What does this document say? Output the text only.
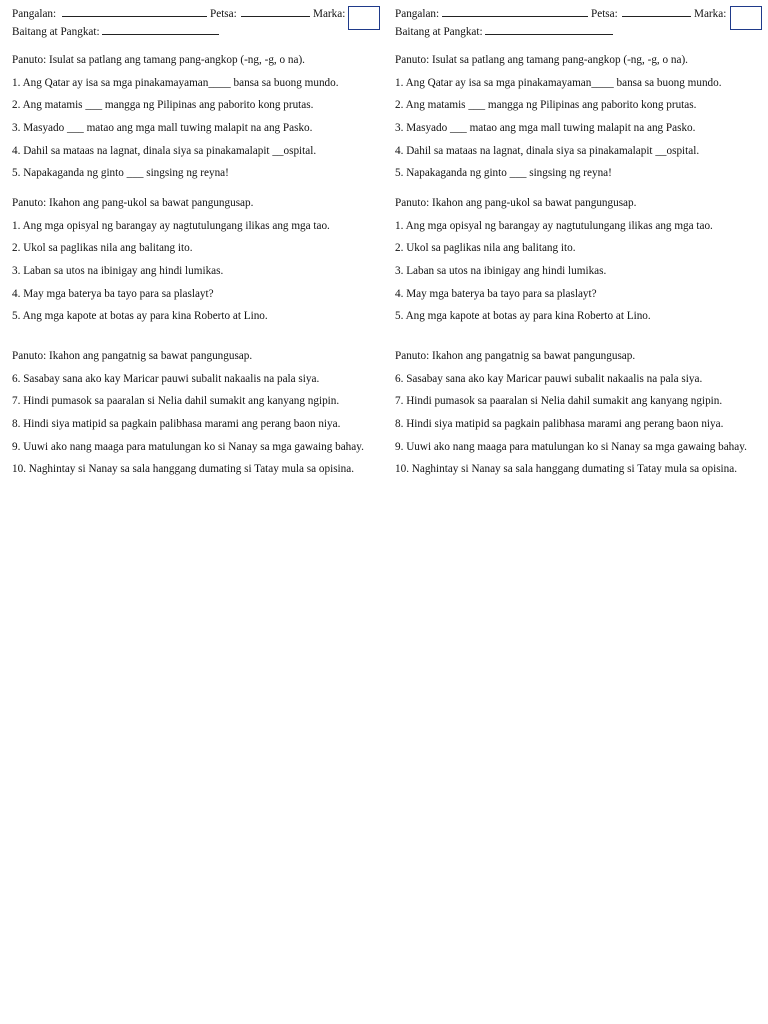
Pangalan:	Petsa:	Marka:
Baitang at Pangkat:

Panuto: Isulat sa patlang ang tamang pang-angkop (-ng, -g, o na).

1. Ang Qatar ay isa sa mga pinakamayaman____ bansa sa buong mundo.

2. Ang matamis ___ mangga ng Pilipinas ang paborito kong prutas.

3. Masyado ___ matao ang mga mall tuwing malapit na ang Pasko.

4. Dahil sa mataas na lagnat, dinala siya sa pinakamalapit __ospital.

5. Napakaganda ng ginto ___ singsing ng reyna!

Panuto: Ikahon ang pang-ukol sa bawat pangungusap.

1. Ang mga opisyal ng barangay ay nagtutulungang ilikas ang mga tao.

2. Ukol sa paglikas nila ang balitang ito.

3. Laban sa utos na ibinigay ang hindi lumikas.

4. May mga baterya ba tayo para sa plaslayt?

5. Ang mga kapote at botas ay para kina Roberto at Lino.

Panuto: Ikahon ang pangatnig sa bawat pangungusap.

6. Sasabay sana ako kay Maricar pauwi subalit nakaalis na pala siya.

7. Hindi pumasok sa paaralan si Nelia dahil sumakit ang kanyang ngipin.

8. Hindi siya matipid sa pagkain palibhasa marami ang perang baon niya.

9. Uuwi ako nang maaga para matulungan ko si Nanay sa mga gawaing bahay.

10. Naghintay si Nanay sa sala hanggang dumating si Tatay mula sa opisina.

Pangalan:	Petsa:	Marka:
Baitang at Pangkat:

Panuto: Isulat sa patlang ang tamang pang-angkop (-ng, -g, o na).

1. Ang Qatar ay isa sa mga pinakamayaman____ bansa sa buong mundo.

2. Ang matamis ___ mangga ng Pilipinas ang paborito kong prutas.

3. Masyado ___ matao ang mga mall tuwing malapit na ang Pasko.

4. Dahil sa mataas na lagnat, dinala siya sa pinakamalapit __ospital.

5. Napakaganda ng ginto ___ singsing ng reyna!

Panuto: Ikahon ang pang-ukol sa bawat pangungusap.

1. Ang mga opisyal ng barangay ay nagtutulungang ilikas ang mga tao.

2. Ukol sa paglikas nila ang balitang ito.

3. Laban sa utos na ibinigay ang hindi lumikas.

4. May mga baterya ba tayo para sa plaslayt?

5. Ang mga kapote at botas ay para kina Roberto at Lino.

Panuto: Ikahon ang pangatnig sa bawat pangungusap.

6. Sasabay sana ako kay Maricar pauwi subalit nakaalis na pala siya.

7. Hindi pumasok sa paaralan si Nelia dahil sumakit ang kanyang ngipin.

8. Hindi siya matipid sa pagkain palibhasa marami ang perang baon niya.

9. Uuwi ako nang maaga para matulungan ko si Nanay sa mga gawaing bahay.

10. Naghintay si Nanay sa sala hanggang dumating si Tatay mula sa opisina.
